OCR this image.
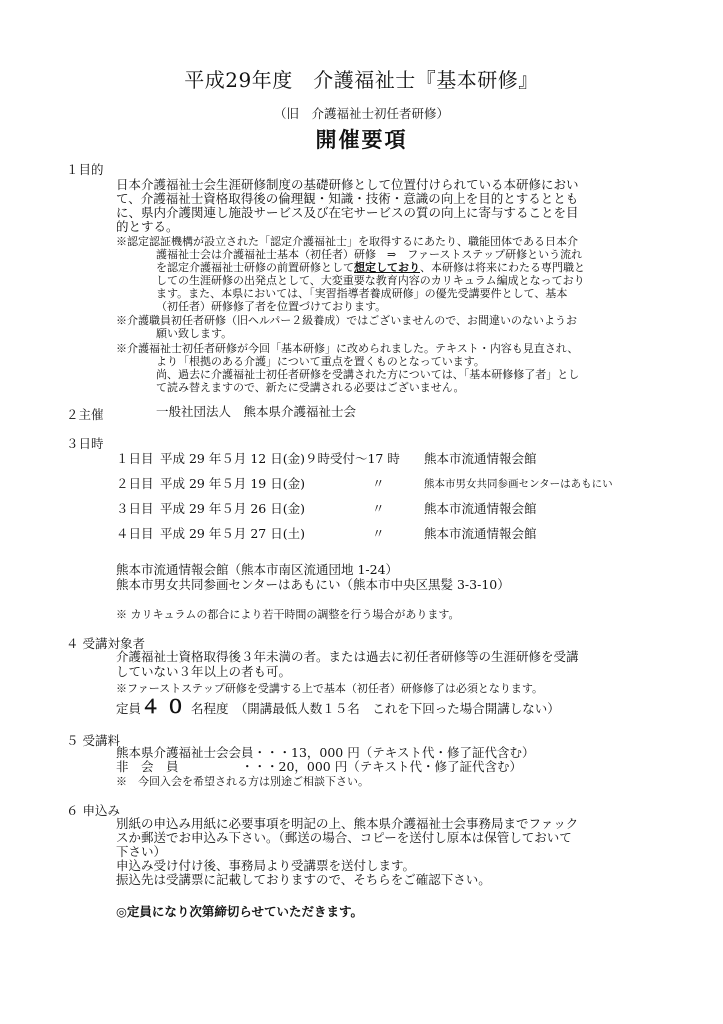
平成29年度　介護福祉士『基本研修』
（旧　介護福祉士初任者研修）
開催要項
１目的
日本介護福祉士会生涯研修制度の基礎研修として位置付けられている本研修におい
て、介護福祉士資格取得後の倫理観・知識・技術・意識の向上を目的とするととも
に、県内介護関連し施設サービス及び在宅サービスの質の向上に寄与することを目
的とする。
※認定認証機構が設立された「認定介護福祉士」を取得するにあたり、職能団体である日本介
護福祉士会は介護福祉士基本（初任者）研修　⇒　ファーストステップ研修という流れ
を認定介護福祉士研修の前置研修として想定しており、本研修は将来にわたる専門職と
しての生涯研修の出発点として、大変重要な教育内容のカリキュラム編成となっており
ます。また、本県においては、「実習指導者養成研修」の優先受講要件として、基本
（初任者）研修修了者を位置づけております。
※介護職員初任者研修（旧ヘルパー２級養成）ではございませんので、お間違いのないようお
願い致します。
※介護福祉士初任者研修が今回「基本研修」に改められました。テキスト・内容も見直され、
より「根拠のある介護」について重点を置くものとなっています。
尚、過去に介護福祉士初任者研修を受講された方については、「基本研修修了者」とし
て読み替えますので、新たに受講される必要はございません。
２主催	一般社団法人　熊本県介護福祉士会
３日時
１日目 平成 29 年５月 12 日(金)９時受付～17 時 熊本市流通情報会館
２日目 平成 29 年５月 19 日(金)	〃	熊本市男女共同参画センターはあもにい
３日目 平成 29 年５月 26 日(金)	〃	熊本市流通情報会館
４日目 平成 29 年５月 27 日(土)	〃	熊本市流通情報会館
熊本市流通情報会館（熊本市南区流通団地 1-24）
熊本市男女共同参画センターはあもにい（熊本市中央区黒髪 3-3-10）
※ カリキュラムの都合により若干時間の調整を行う場合があります。
４ 受講対象者
介護福祉士資格取得後３年未満の者。または過去に初任者研修等の生涯研修を受講
していない３年以上の者も可。
※ファーストステップ研修を受講する上で基本（初任者）研修修了は必須となります。
定員４０名程度　（開講最低人数１５名　これを下回った場合開講しない）
５ 受講料
熊本県介護福祉士会会員・・・13，000 円（テキスト代・修了証代含む）
非　会　員　　　　　・・・20，000 円（テキスト代・修了証代含む）
※　今回入会を希望される方は別途ご相談下さい。
６ 申込み
別紙の申込み用紙に必要事項を明記の上、熊本県介護福祉士会事務局までファック
スか郵送でお申込み下さい。（郵送の場合、コピーを送付し原本は保管しておいて
下さい）
申込み受け付け後、事務局より受講票を送付します。
振込先は受講票に記載しておりますので、そちらをご確認下さい。
◎定員になり次第締切らせていただきます。
